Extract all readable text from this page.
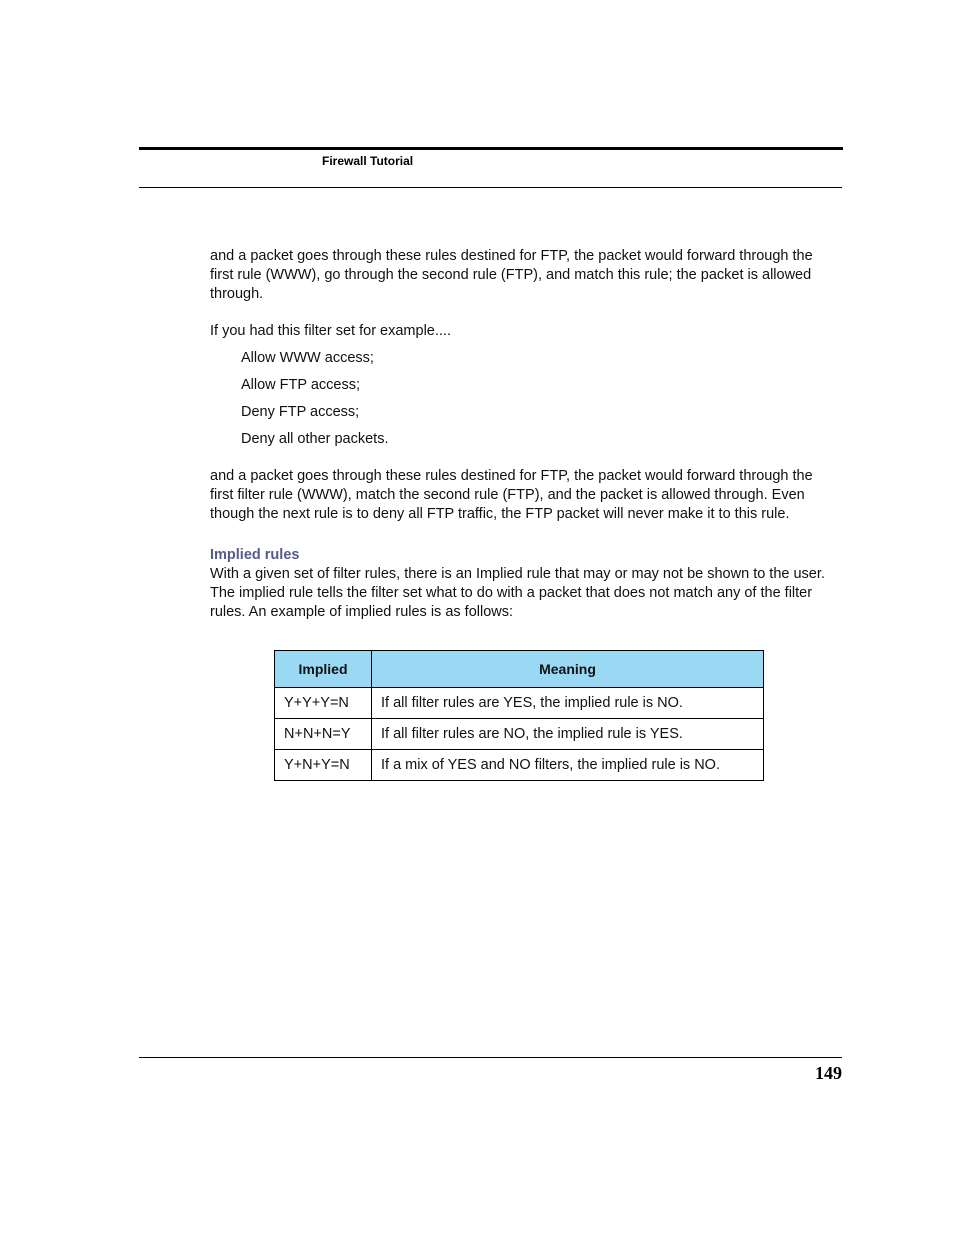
Firewall Tutorial

and a packet goes through these rules destined for FTP, the packet would forward through the first rule (WWW), go through the second rule (FTP), and match this rule; the packet is allowed through.

If you had this filter set for example....

Allow WWW access;
Allow FTP access;
Deny FTP access;
Deny all other packets.

and a packet goes through these rules destined for FTP, the packet would forward through the first filter rule (WWW), match the second rule (FTP), and the packet is allowed through. Even though the next rule is to deny all FTP traffic, the FTP packet will never make it to this rule.

Implied rules

With a given set of filter rules, there is an Implied rule that may or may not be shown to the user. The implied rule tells the filter set what to do with a packet that does not match any of the filter rules. An example of implied rules is as follows:

Implied	Meaning
Y+Y+Y=N	If all filter rules are YES, the implied rule is NO.
N+N+N=Y	If all filter rules are NO, the implied rule is YES.
Y+N+Y=N	If a mix of YES and NO filters, the implied rule is NO.
149
